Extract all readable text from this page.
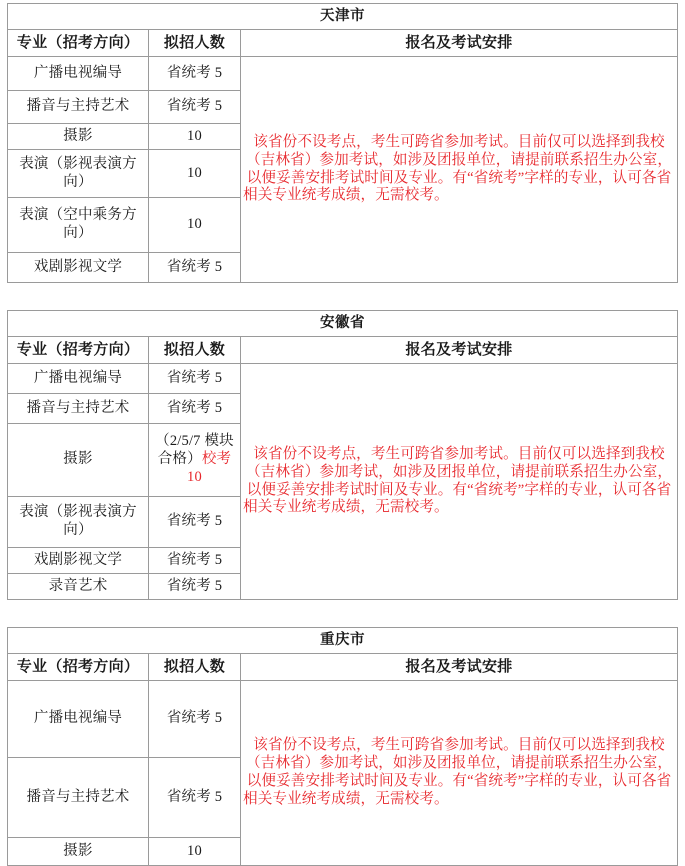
天津市		
专业（招考方向）	拟招人数	报名及考试安排
广播电视编导	省统考 5	该省份不设考点，考生可跨省参加考试。目前仅可以选择到我校（吉林省）参加考试，如涉及团报单位，请提前联系招生办公室，以便妥善安排考试时间及专业。有“省统考”字样的专业，认可各省相关专业统考成绩，无需校考。

播音与主持艺术	省统考 5	
摄影	10	
表演（影视表演方向）	10	
表演（空中乘务方向）	10	
戏剧影视文学	省统考 5	
安徽省		
专业（招考方向）	拟招人数	报名及考试安排
广播电视编导	省统考 5	该省份不设考点，考生可跨省参加考试。目前仅可以选择到我校（吉林省）参加考试，如涉及团报单位，请提前联系招生办公室，以便妥善安排考试时间及专业。有“省统考”字样的专业，认可各省相关专业统考成绩，无需校考。

播音与主持艺术	省统考 5	
摄影	（2/5/7 模块合格）校考 10	
表演（影视表演方向）	省统考 5	
戏剧影视文学	省统考 5	
录音艺术	省统考 5	
重庆市		
专业（招考方向）	拟招人数	报名及考试安排
广播电视编导	省统考 5	该省份不设考点，考生可跨省参加考试。目前仅可以选择到我校（吉林省）参加考试，如涉及团报单位，请提前联系招生办公室，以便妥善安排考试时间及专业。有“省统考”字样的专业，认可各省相关专业统考成绩，无需校考。

播音与主持艺术	省统考 5	
摄影	10	
